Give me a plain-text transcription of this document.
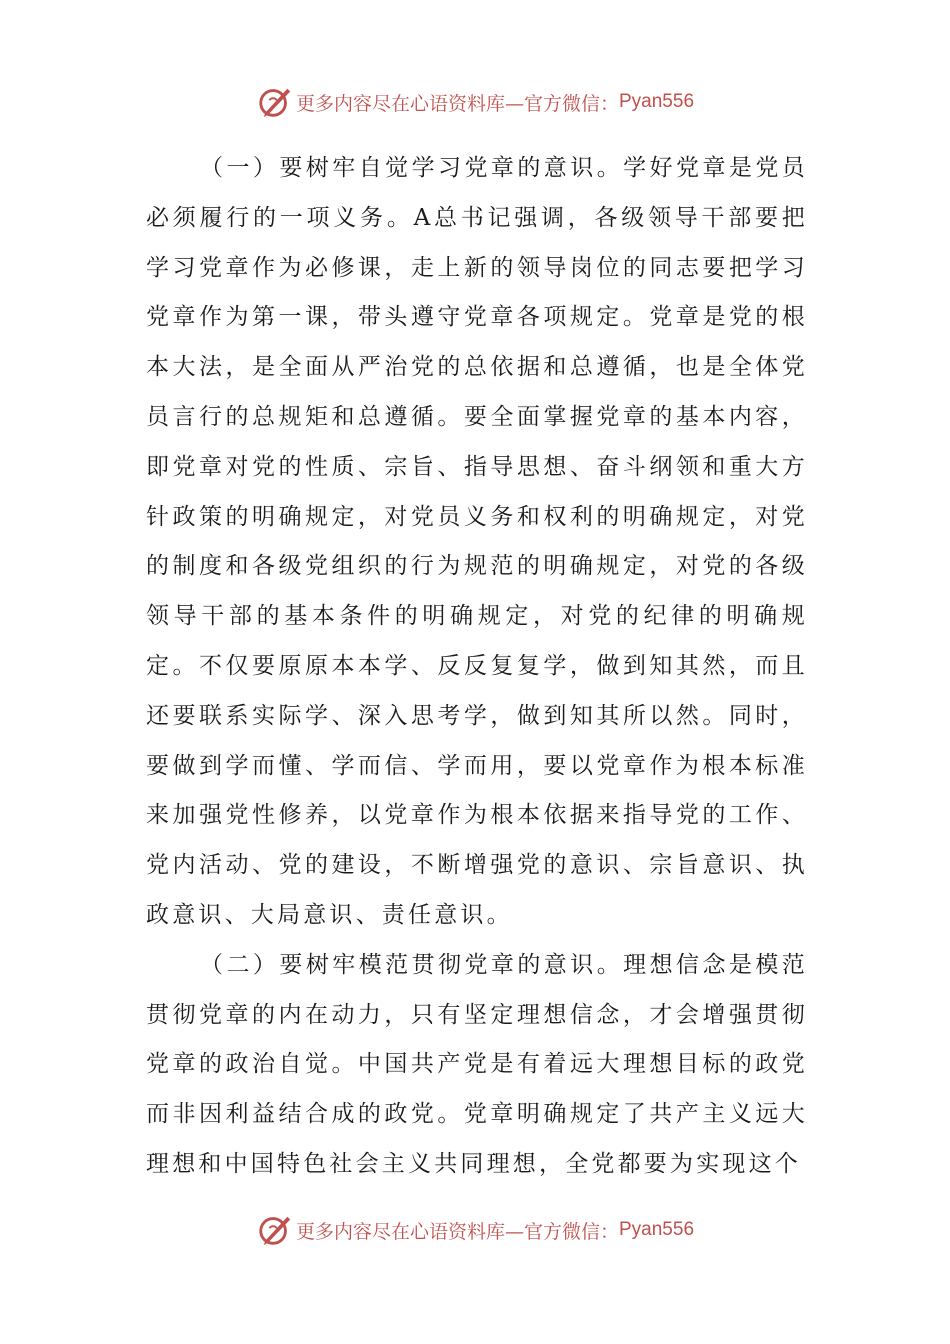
更多内容尽在心语资料库—官方微信： Pyan556

（一）要树牢自觉学习党章的意识。学好党章是党员必须履行的一项义务。A总书记强调，各级领导干部要把学习党章作为必修课，走上新的领导岗位的同志要把学习党章作为第一课，带头遵守党章各项规定。党章是党的根本大法，是全面从严治党的总依据和总遵循，也是全体党员言行的总规矩和总遵循。要全面掌握党章的基本内容，即党章对党的性质、宗旨、指导思想、奋斗纲领和重大方针政策的明确规定，对党员义务和权利的明确规定，对党的制度和各级党组织的行为规范的明确规定，对党的各级领导干部的基本条件的明确规定，对党的纪律的明确规定。不仅要原原本本学、反反复复学，做到知其然，而且还要联系实际学、深入思考学，做到知其所以然。同时，要做到学而懂、学而信、学而用，要以党章作为根本标准来加强党性修养，以党章作为根本依据来指导党的工作、党内活动、党的建设，不断增强党的意识、宗旨意识、执政意识、大局意识、责任意识。

（二）要树牢模范贯彻党章的意识。理想信念是模范贯彻党章的内在动力，只有坚定理想信念，才会增强贯彻党章的政治自觉。中国共产党是有着远大理想目标的政党而非因利益结合成的政党。党章明确规定了共产主义远大理想和中国特色社会主义共同理想，全党都要为实现这个

更多内容尽在心语资料库—官方微信： Pyan556
